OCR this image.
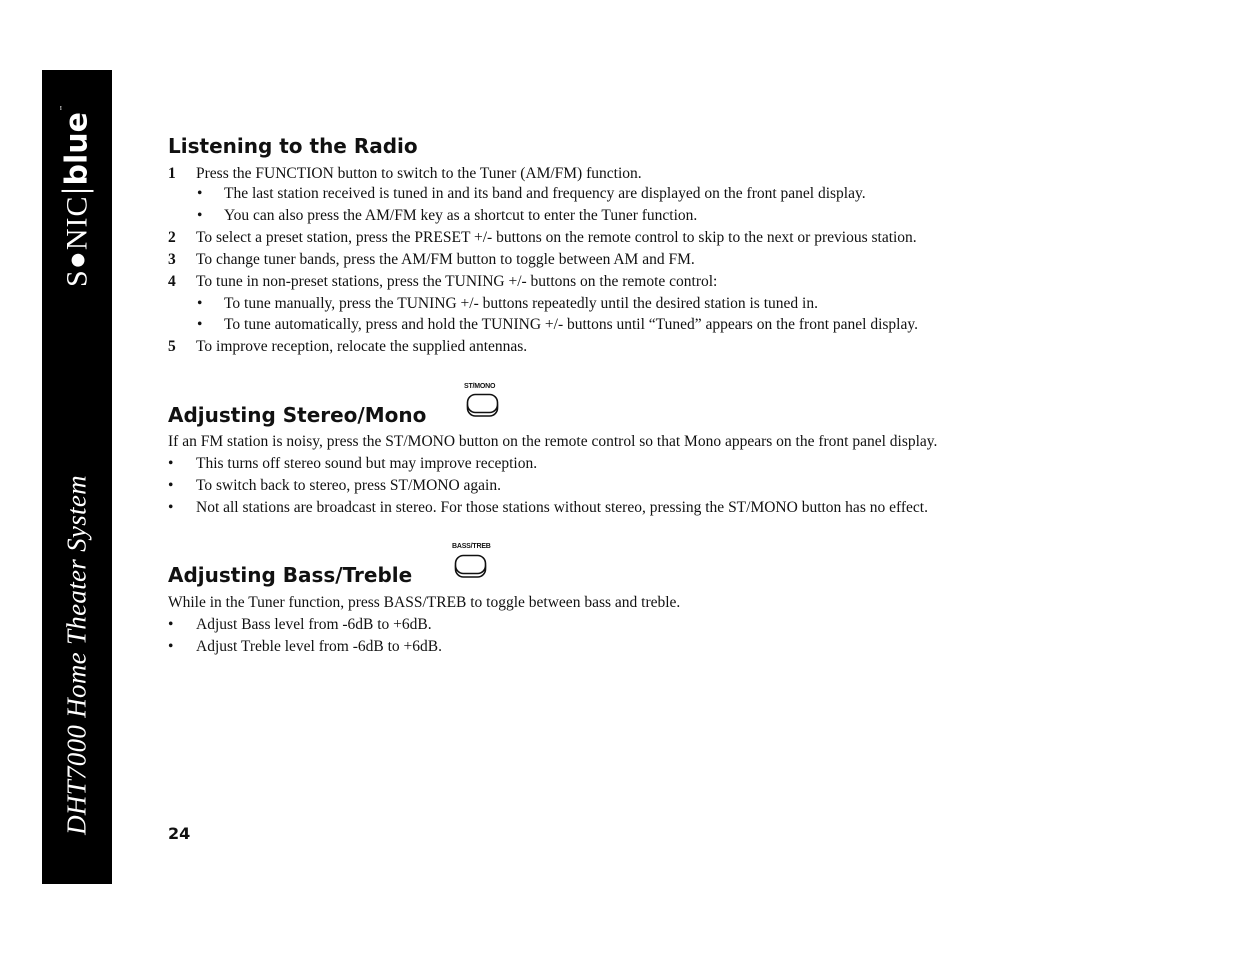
DHT7000 Home Theater System
S●NIC
blue
™
Listening to the Radio
1 Press the FUNCTION button to switch to the Tuner (AM/FM) function.
• The last station received is tuned in and its band and frequency are displayed on the front panel display.
• You can also press the AM/FM key as a shortcut to enter the Tuner function.
2 To select a preset station, press the PRESET +/- buttons on the remote control to skip to the next or previous station.
3 To change tuner bands, press the AM/FM button to toggle between AM and FM.
4 To tune in non-preset stations, press the TUNING +/- buttons on the remote control:
• To tune manually, press the TUNING +/- buttons repeatedly until the desired station is tuned in.
• To tune automatically, press and hold the TUNING +/- buttons until “Tuned” appears on the front panel display.
5 To improve reception, relocate the supplied antennas.
Adjusting Stereo/Mono
ST/MONO
If an FM station is noisy, press the ST/MONO button on the remote control so that Mono appears on the front panel display.
• This turns off stereo sound but may improve reception.
• To switch back to stereo, press ST/MONO again.
• Not all stations are broadcast in stereo. For those stations without stereo, pressing the ST/MONO button has no effect.
Adjusting Bass/Treble
BASS/TREB
While in the Tuner function, press BASS/TREB to toggle between bass and treble.
• Adjust Bass level from -6dB to +6dB.
• Adjust Treble level from -6dB to +6dB.
24
